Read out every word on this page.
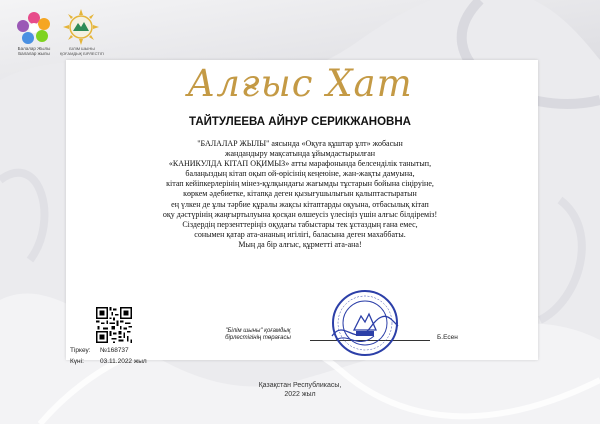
Балалар Жылы
Балалар жылы
БІЛІМ ШЫНЫ
ҚОҒАМДЫҚ БІРЛЕСТІГІ
Алғыс Хат
ТАЙТУЛЕЕВА АЙНУР СЕРИКЖАНОВНА
"БАЛАЛАР ЖЫЛЫ" аясында «Оқуға құштар ұлт» жобасын
жандандыру мақсатында ұйымдастырылған
«КАНИКУЛДА КІТАП ОҚИМЫЗ» атты марафонында белсенділік танытып,
балаңыздың кітап оқып ой-өрісінің кеңеюіне, жан-жақты дамуына,
кітап кейіпкерлерінің мінез-құлқындағы жағымды тұстарын бойына сіңіруіне,
көркем әдебиетке, кітапқа деген қызығушылығын қалыптастыратын
ең үлкен де ұлы тәрбие құралы жақсы кітаптарды оқуына, отбасылық кітап
оқу дәстүрінің жаңғыртылуына қосқан өлшеусіз үлесіңіз үшін алғыс білдіреміз!
Сіздердің перзенттеріңіз оқудағы табыстары тек ұстаздың ғана емес,
сонымен қатар ата-ананың игілігі, баласына деген махаббаты.
Мың да бір алғыс, құрметті ата-ана!
Тіркеу: №168737
Күні: 03.11.2022 жыл
"Білім шыны" қоғамдық
бірлестігінің төрағасы	Б.Есен
Қазақстан Республикасы,
2022 жыл
